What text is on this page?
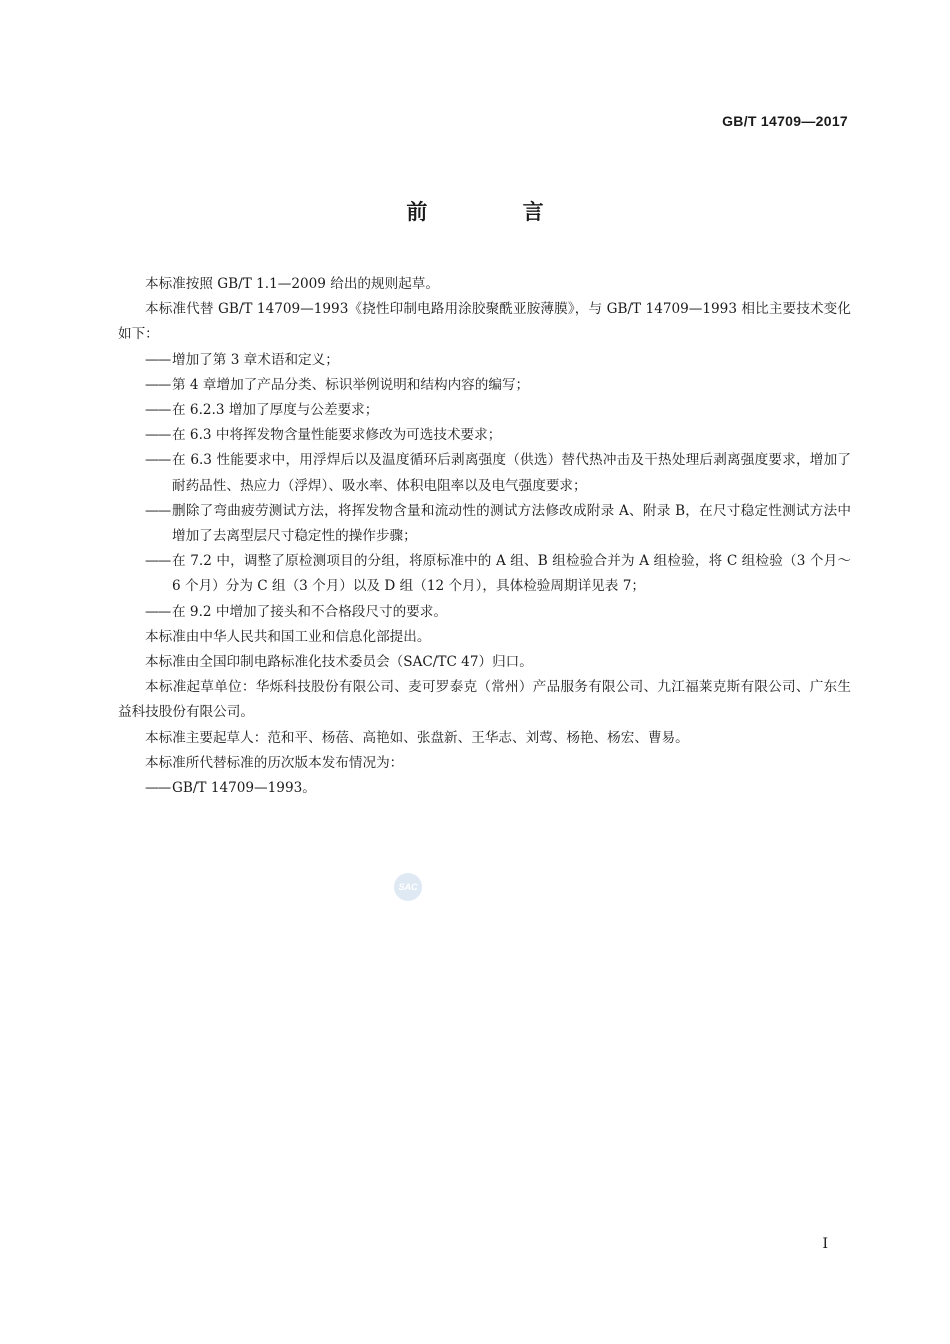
GB/T 14709—2017
前 言

本标准按照 GB/T 1.1—2009 给出的规则起草。

本标准代替 GB/T 14709—1993《挠性印制电路用涂胶聚酰亚胺薄膜》，与 GB/T 14709—1993 相比主要技术变化如下：

—— 增加了第 3 章术语和定义；

—— 第 4 章增加了产品分类、标识举例说明和结构内容的编写；

—— 在 6.2.3 增加了厚度与公差要求；

—— 在 6.3 中将挥发物含量性能要求修改为可选技术要求；

—— 在 6.3 性能要求中，用浮焊后以及温度循环后剥离强度（供选）替代热冲击及干热处理后剥离强度要求，增加了耐药品性、热应力（浮焊）、吸水率、体积电阻率以及电气强度要求；

—— 删除了弯曲疲劳测试方法，将挥发物含量和流动性的测试方法修改成附录 A、附录 B，在尺寸稳定性测试方法中增加了去离型层尺寸稳定性的操作步骤；

—— 在 7.2 中，调整了原检测项目的分组，将原标准中的 A 组、B 组检验合并为 A 组检验，将 C 组检验（3 个月～6 个月）分为 C 组（3 个月）以及 D 组（12 个月），具体检验周期详见表 7；

—— 在 9.2 中增加了接头和不合格段尺寸的要求。

本标准由中华人民共和国工业和信息化部提出。

本标准由全国印制电路标准化技术委员会（SAC/TC 47）归口。

本标准起草单位：华烁科技股份有限公司、麦可罗泰克（常州）产品服务有限公司、九江福莱克斯有限公司、广东生益科技股份有限公司。

本标准主要起草人：范和平、杨蓓、高艳如、张盘新、王华志、刘莺、杨艳、杨宏、曹易。

本标准所代替标准的历次版本发布情况为：

—— GB/T 14709—1993。

SAC
I
